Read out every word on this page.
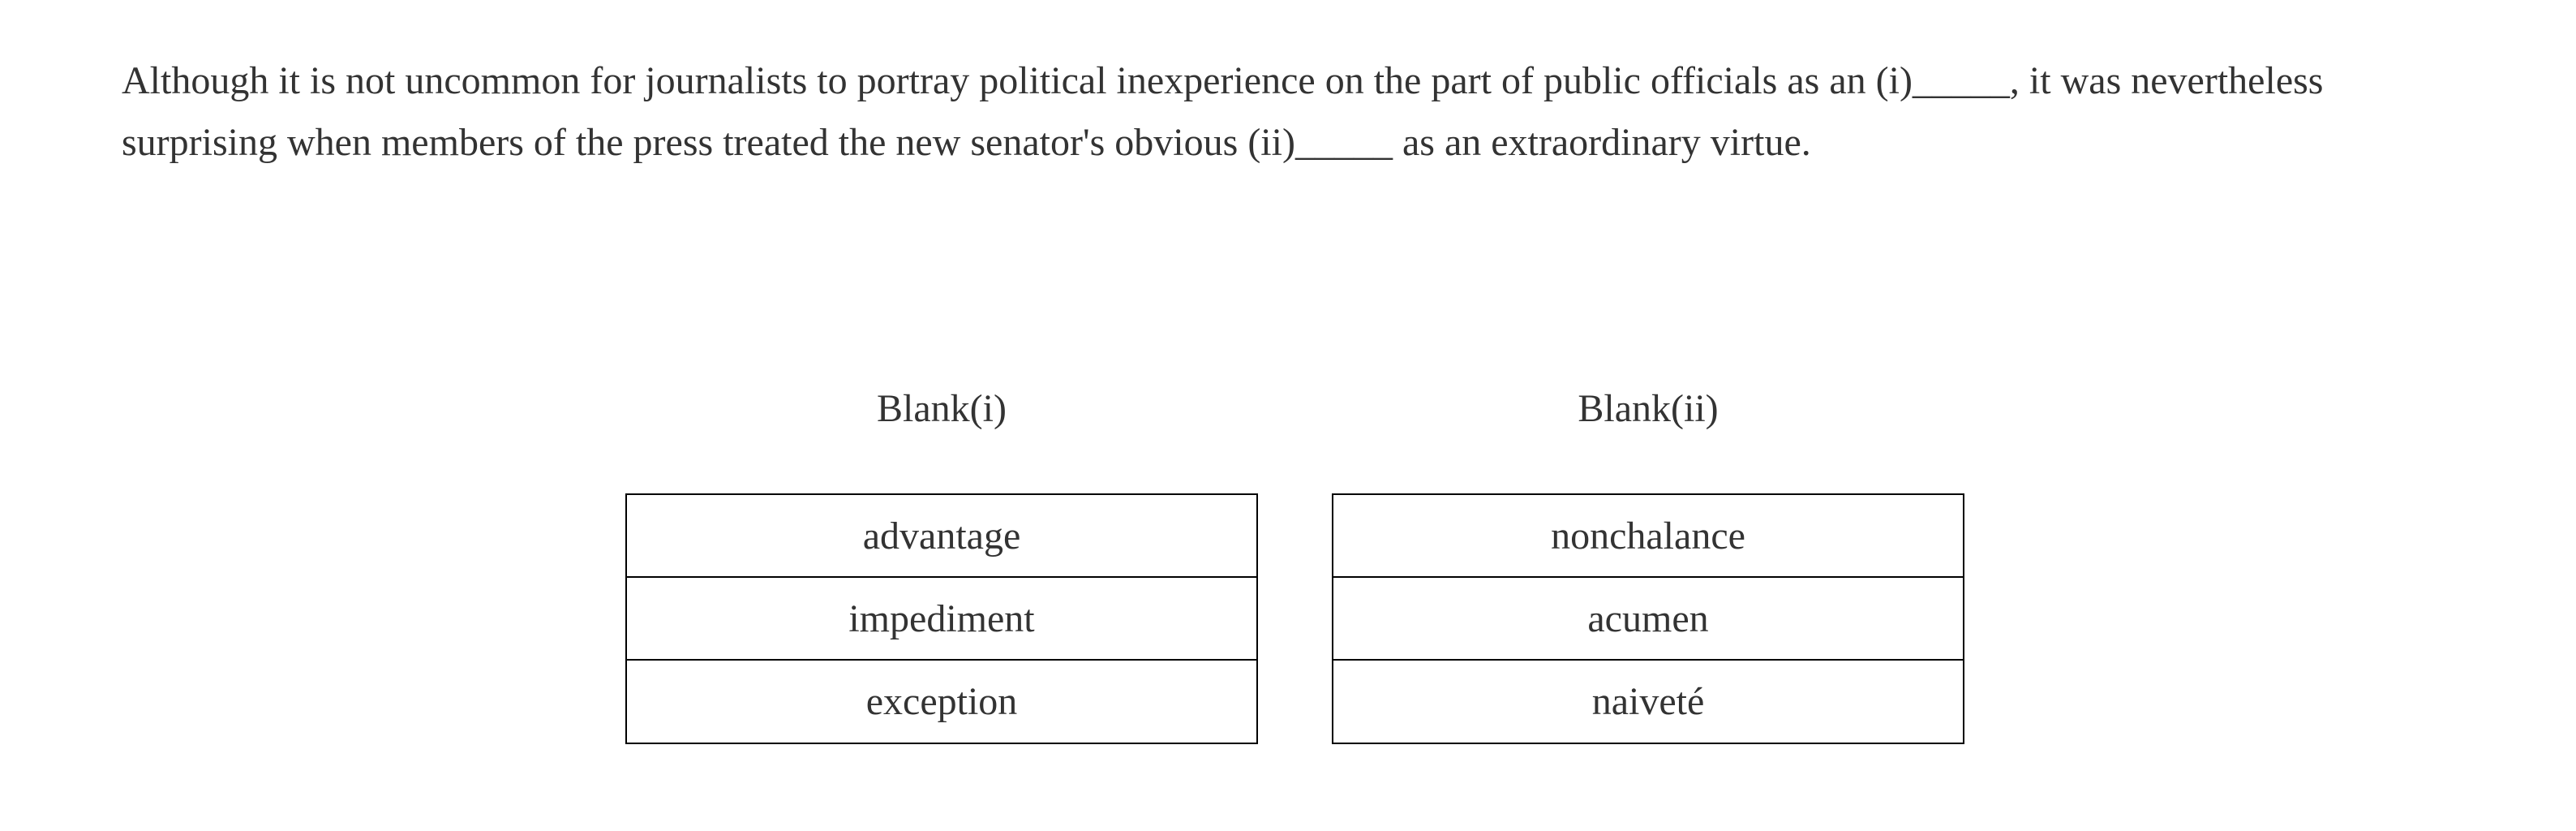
Although it is not uncommon for journalists to portray political inexperience on the part of public officials as an (i)_____, it was nevertheless surprising when members of the press treated the new senator's obvious (ii)_____ as an extraordinary virtue.

Blank(i)
advantage
impediment
exception
Blank(ii)
nonchalance
acumen
naiveté
